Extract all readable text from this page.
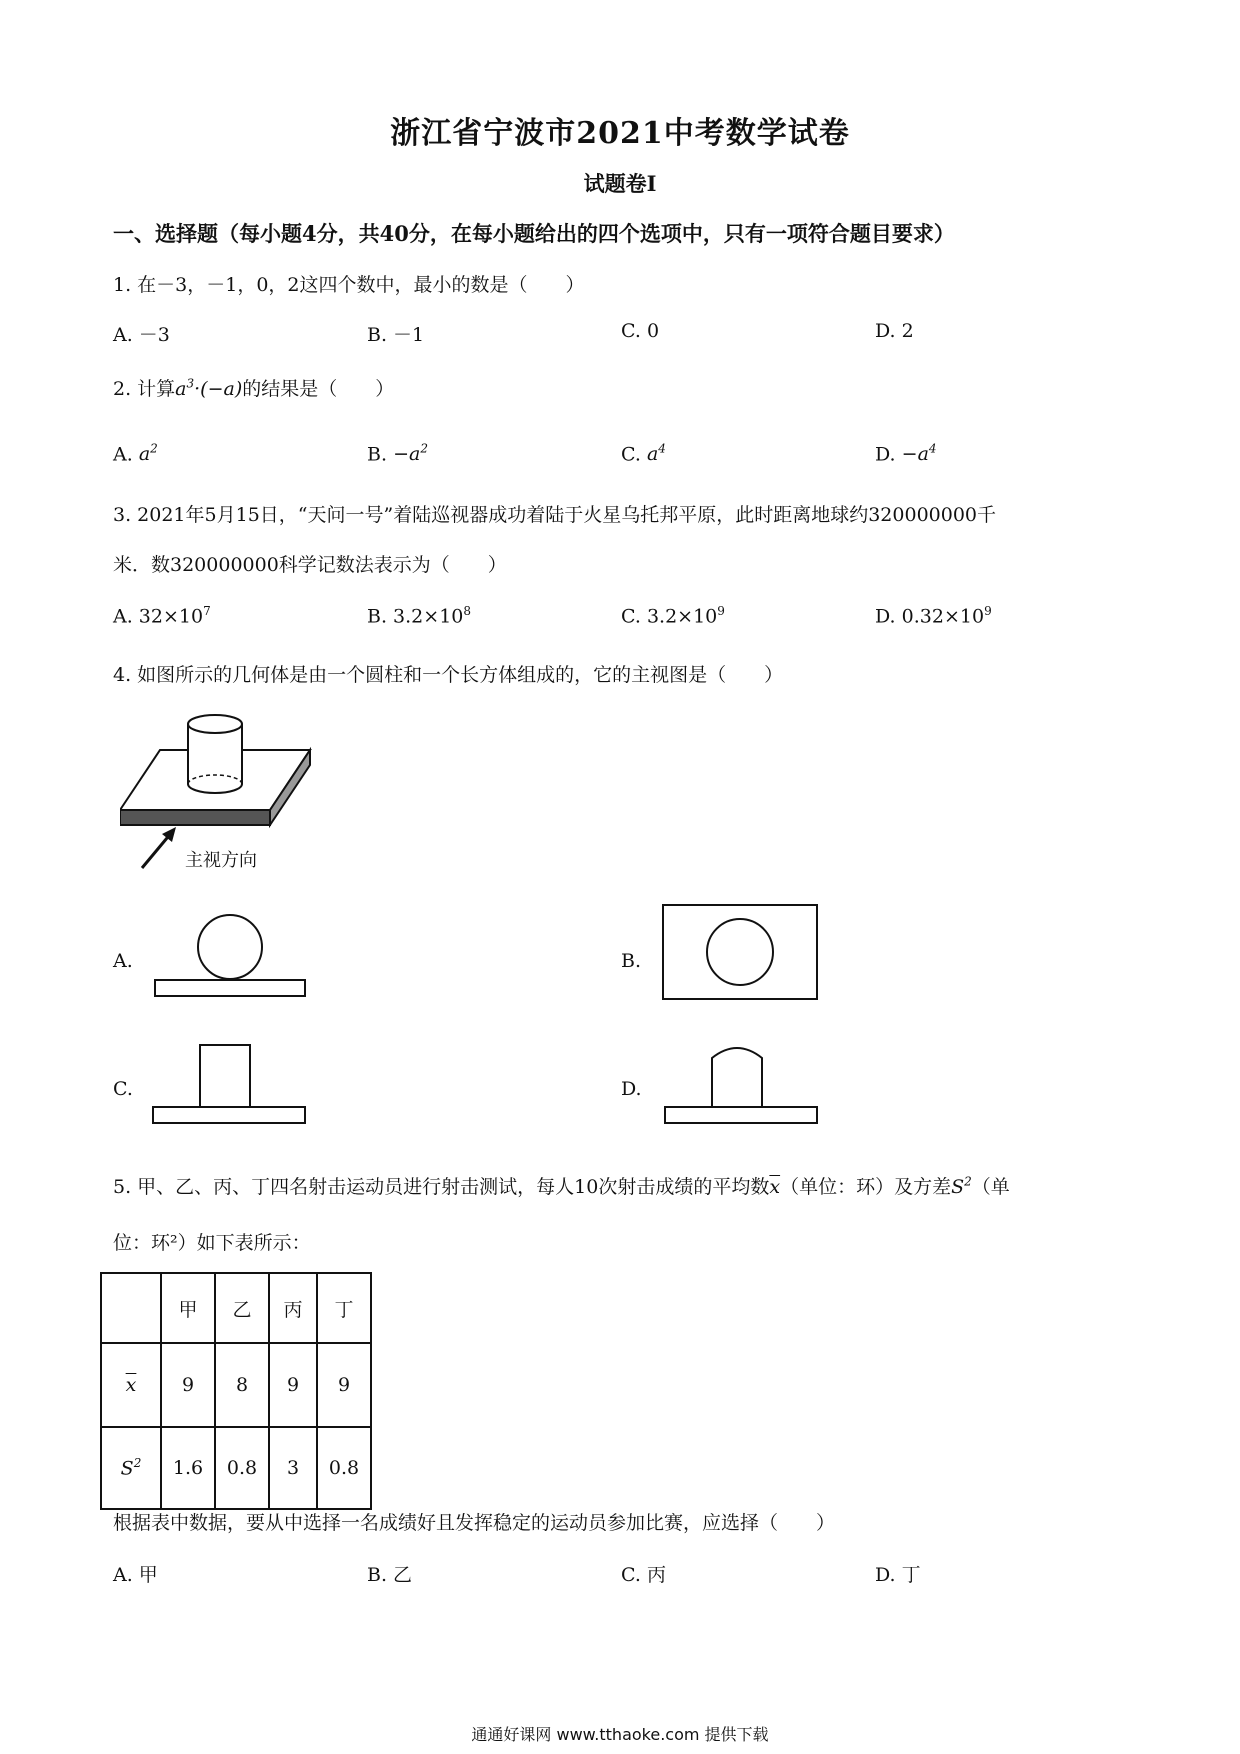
浙江省宁波市2021中考数学试卷
试题卷Ⅰ
一、选择题（每小题4分，共40分，在每小题给出的四个选项中，只有一项符合题目要求）
1. 在－3，－1，0，2这四个数中，最小的数是（　　）
A. －3	B. －1	C. 0	D. 2
2. 计算$a^3\cdot(-a)$的结果是（　　）
A. $a^2$	B. $-a^2$	C. $a^4$	D. $-a^4$
3. 2021年5月15日，“天问一号”着陆巡视器成功着陆于火星乌托邦平原，此时距离地球约320000000千
米．数320000000科学记数法表示为（　　）
A. $32\times 10^7$	B. $3.2\times 10^8$	C. $3.2\times 10^9$	D. $0.32\times 10^9$
4. 如图所示的几何体是由一个圆柱和一个长方体组成的，它的主视图是（　　）
主视方向
A.	B.
C.	D.
5. 甲、乙、丙、丁四名射击运动员进行射击测试，每人10次射击成绩的平均数$\overline{x}$（单位：环）及方差$S^2$（单
位：环²）如下表所示：
	甲	乙	丙	丁
$\overline{x}$	9	8	9	9
$S^2$	1.6	0.8	3	0.8
根据表中数据，要从中选择一名成绩好且发挥稳定的运动员参加比赛，应选择（　　）
A. 甲	B. 乙	C. 丙	D. 丁
通通好课网 www.tthaoke.com 提供下载
